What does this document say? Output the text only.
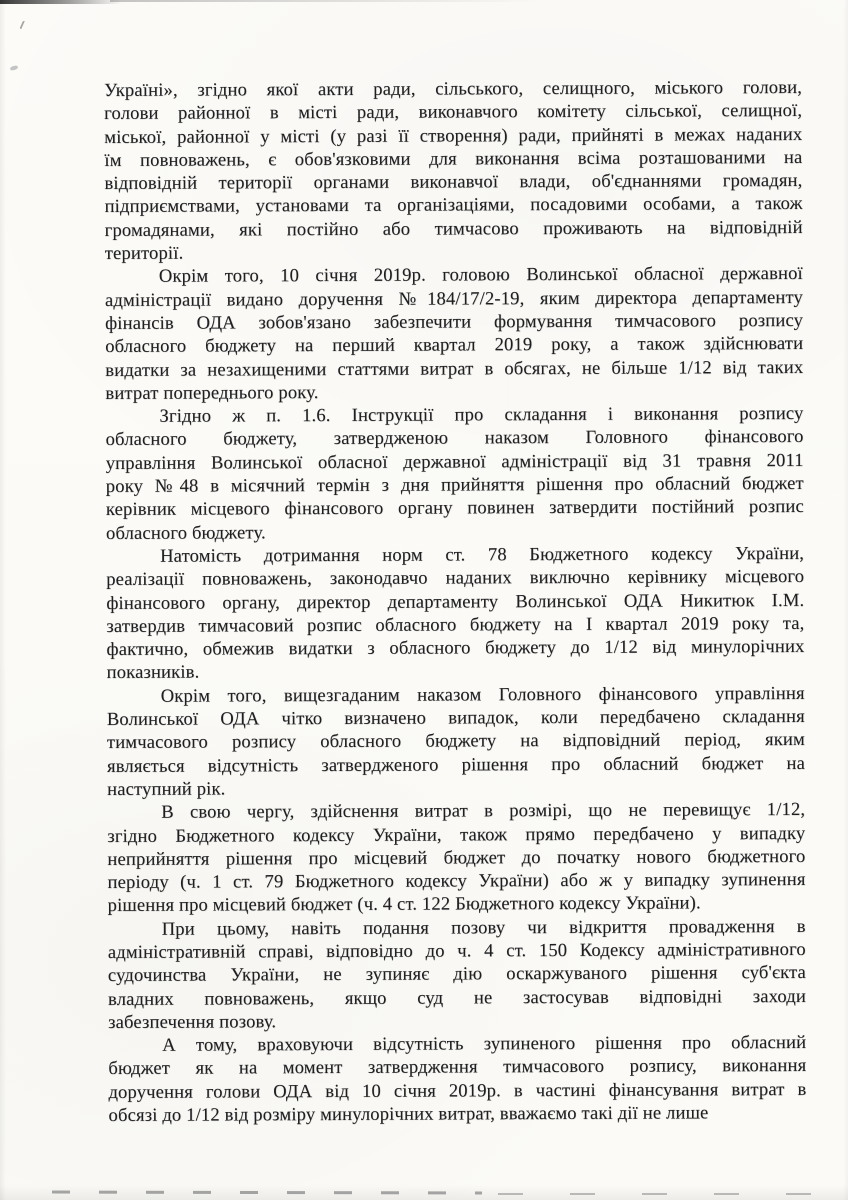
Україні», згідно якої акти ради, сільського, селищного, міського голови,
голови районної в місті ради, виконавчого комітету сільської, селищної,
міської, районної у місті (у разі її створення) ради, прийняті в межах наданих
їм повноважень, є обов'язковими для виконання всіма розташованими на
відповідній території органами виконавчої влади, об'єднаннями громадян,
підприємствами, установами та організаціями, посадовими особами, а також
громадянами, які постійно або тимчасово проживають на відповідній
території.
Окрім того, 10 січня 2019р. головою Волинської обласної державної
адміністрації видано доручення №184/17/2-19, яким директора департаменту
фінансів ОДА зобов'язано забезпечити формування тимчасового розпису
обласного бюджету на перший квартал 2019 року, а також здійснювати
видатки за незахищеними статтями витрат в обсягах, не більше 1/12 від таких
витрат попереднього року.
Згідно ж п. 1.6. Інструкції про складання і виконання розпису
обласного бюджету, затвердженою наказом Головного фінансового
управління Волинської обласної державної адміністрації від 31 травня 2011
року №48 в місячний термін з дня прийняття рішення про обласний бюджет
керівник місцевого фінансового органу повинен затвердити постійний розпис
обласного бюджету.
Натомість дотримання норм ст. 78 Бюджетного кодексу України,
реалізації повноважень, законодавчо наданих виключно керівнику місцевого
фінансового органу, директор департаменту Волинської ОДА Никитюк І.М.
затвердив тимчасовий розпис обласного бюджету на І квартал 2019 року та,
фактично, обмежив видатки з обласного бюджету до 1/12 від минулорічних
показників.
Окрім того, вищезгаданим наказом Головного фінансового управління
Волинської ОДА чітко визначено випадок, коли передбачено складання
тимчасового розпису обласного бюджету на відповідний період, яким
являється відсутність затвердженого рішення про обласний бюджет на
наступний рік.
В свою чергу, здійснення витрат в розмірі, що не перевищує 1/12,
згідно Бюджетного кодексу України, також прямо передбачено у випадку
неприйняття рішення про місцевий бюджет до початку нового бюджетного
періоду (ч. 1 ст. 79 Бюджетного кодексу України) або ж у випадку зупинення
рішення про місцевий бюджет (ч. 4 ст. 122 Бюджетного кодексу України).
При цьому, навіть подання позову чи відкриття провадження в
адміністративній справі, відповідно до ч. 4 ст. 150 Кодексу адміністративного
судочинства України, не зупиняє дію оскаржуваного рішення суб'єкта
владних повноважень, якщо суд не застосував відповідні заходи
забезпечення позову.
А тому, враховуючи відсутність зупиненого рішення про обласний
бюджет як на момент затвердження тимчасового розпису, виконання
доручення голови ОДА від 10 січня 2019р. в частині фінансування витрат в
обсязі до 1/12 від розміру минулорічних витрат, вважаємо такі дії не лише
